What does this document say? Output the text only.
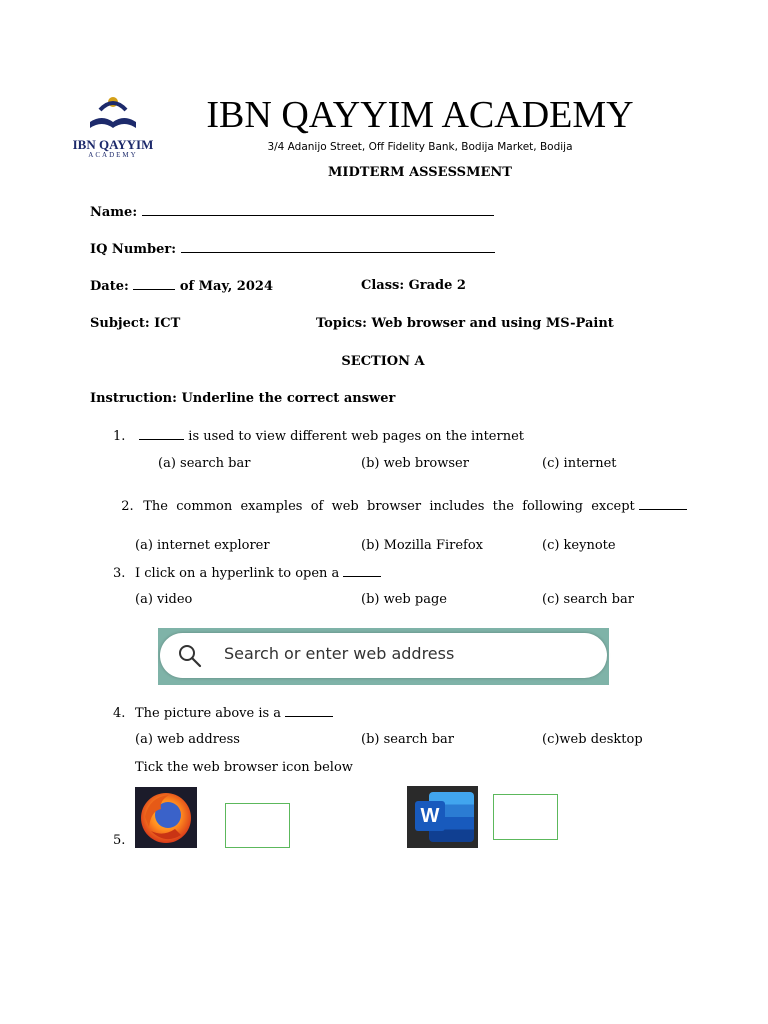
IBN QAYYIM
ACADEMY
IBN QAYYIM ACADEMY
3/4 Adanijo Street, Off Fidelity Bank, Bodija Market, Bodija
MIDTERM ASSESSMENT
Name:
IQ Number:
Date:	of May, 2024	Class: Grade 2
Subject: ICT	Topics: Web browser and using MS-Paint
SECTION A
Instruction: Underline the correct answer
1.	is used to view different web pages on the internet
(a) search bar	(b) web browser	(c) internet

2. The  common  examples  of  web  browser  includes  the  following  except

(a) internet explorer	(b) Mozilla Firefox	(c) keynote
3. I click on a hyperlink to open a
(a) video	(b) web page	(c) search bar
Search or enter web address
4. The picture above is a
(a) web address	(b) search bar	(c)web desktop
Tick the web browser icon below
5.
W
